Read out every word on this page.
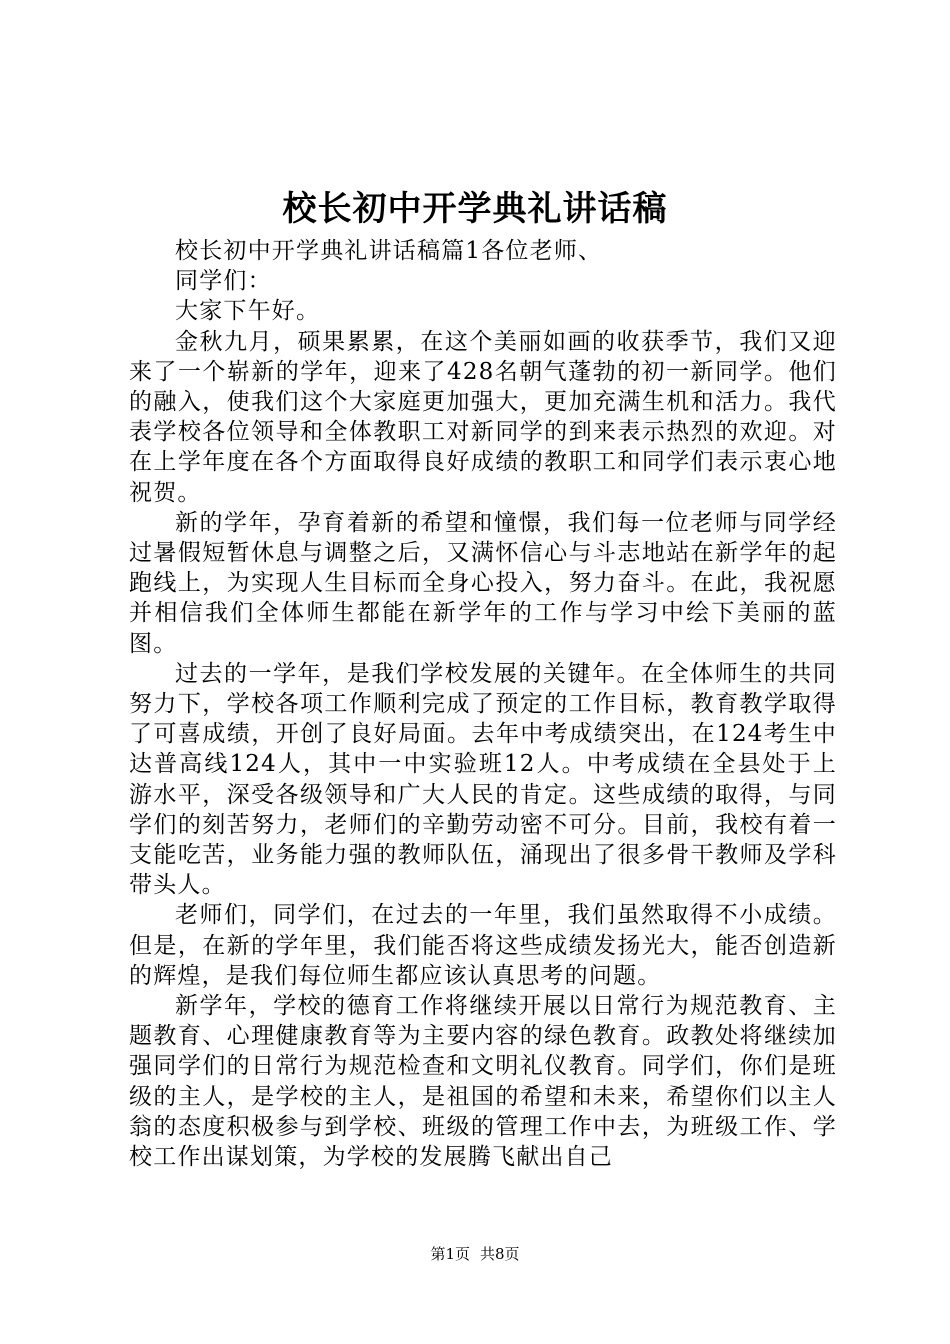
校长初中开学典礼讲话稿

校长初中开学典礼讲话稿篇1各位老师、

同学们：

大家下午好。

金秋九月，硕果累累，在这个美丽如画的收获季节，我们又迎来了一个崭新的学年，迎来了428名朝气蓬勃的初一新同学。他们的融入，使我们这个大家庭更加强大，更加充满生机和活力。我代表学校各位领导和全体教职工对新同学的到来表示热烈的欢迎。对在上学年度在各个方面取得良好成绩的教职工和同学们表示衷心地祝贺。

新的学年，孕育着新的希望和憧憬，我们每一位老师与同学经过暑假短暂休息与调整之后，又满怀信心与斗志地站在新学年的起跑线上，为实现人生目标而全身心投入，努力奋斗。在此，我祝愿并相信我们全体师生都能在新学年的工作与学习中绘下美丽的蓝图。

过去的一学年，是我们学校发展的关键年。在全体师生的共同努力下，学校各项工作顺利完成了预定的工作目标，教育教学取得了可喜成绩，开创了良好局面。去年中考成绩突出，在124考生中达普高线124人，其中一中实验班12人。中考成绩在全县处于上游水平，深受各级领导和广大人民的肯定。这些成绩的取得，与同学们的刻苦努力，老师们的辛勤劳动密不可分。目前，我校有着一支能吃苦，业务能力强的教师队伍，涌现出了很多骨干教师及学科带头人。

老师们，同学们，在过去的一年里，我们虽然取得不小成绩。但是，在新的学年里，我们能否将这些成绩发扬光大，能否创造新的辉煌，是我们每位师生都应该认真思考的问题。

新学年，学校的德育工作将继续开展以日常行为规范教育、主题教育、心理健康教育等为主要内容的绿色教育。政教处将继续加强同学们的日常行为规范检查和文明礼仪教育。同学们，你们是班级的主人，是学校的主人，是祖国的希望和未来，希望你们以主人翁的态度积极参与到学校、班级的管理工作中去，为班级工作、学校工作出谋划策，为学校的发展腾飞献出自己

第1页 共8页
